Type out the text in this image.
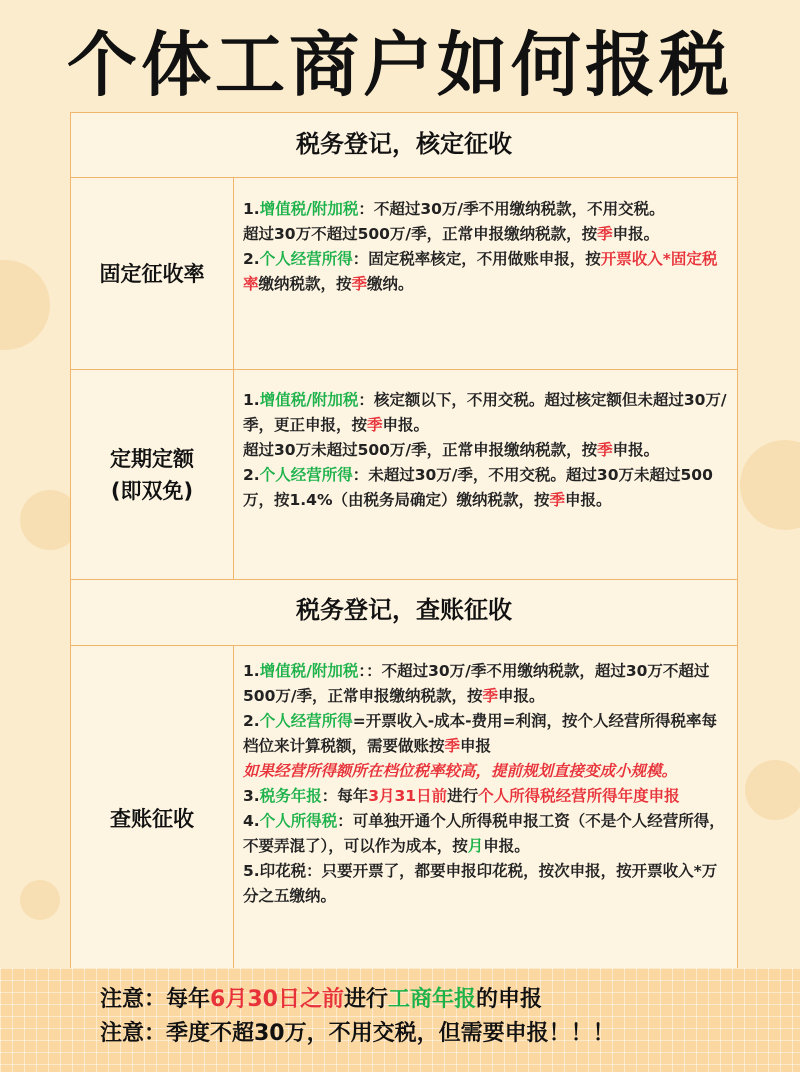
个体工商户如何报税
税务登记，核定征收
固定征收率

1.增值税/附加税：不超过30万/季不用缴纳税款，不用交税。

超过30万不超过500万/季，正常申报缴纳税款，按季申报。

2.个人经营所得：固定税率核定，不用做账申报，按开票收入*固定税率缴纳税款，按季缴纳。

定期定额
(即双免)

1.增值税/附加税：核定额以下，不用交税。超过核定额但未超过30万/季，更正申报，按季申报。

超过30万未超过500万/季，正常申报缴纳税款，按季申报。

2.个人经营所得：未超过30万/季，不用交税。超过30万未超过500万，按1.4%（由税务局确定）缴纳税款，按季申报。

税务登记，查账征收
查账征收

1.增值税/附加税：：不超过30万/季不用缴纳税款，超过30万不超过500万/季，正常申报缴纳税款，按季申报。

2.个人经营所得=开票收入-成本-费用=利润，按个人经营所得税率每档位来计算税额，需要做账按季申报

如果经营所得额所在档位税率较高，提前规划直接变成小规模。

3.税务年报：每年3月31日前进行个人所得税经营所得年度申报

4.个人所得税：可单独开通个人所得税申报工资（不是个人经营所得，不要弄混了），可以作为成本，按月申报。

5.印花税：只要开票了，都要申报印花税，按次申报，按开票收入*万分之五缴纳。

注意：每年6月30日之前进行工商年报的申报
注意：季度不超30万，不用交税，但需要申报！！！
